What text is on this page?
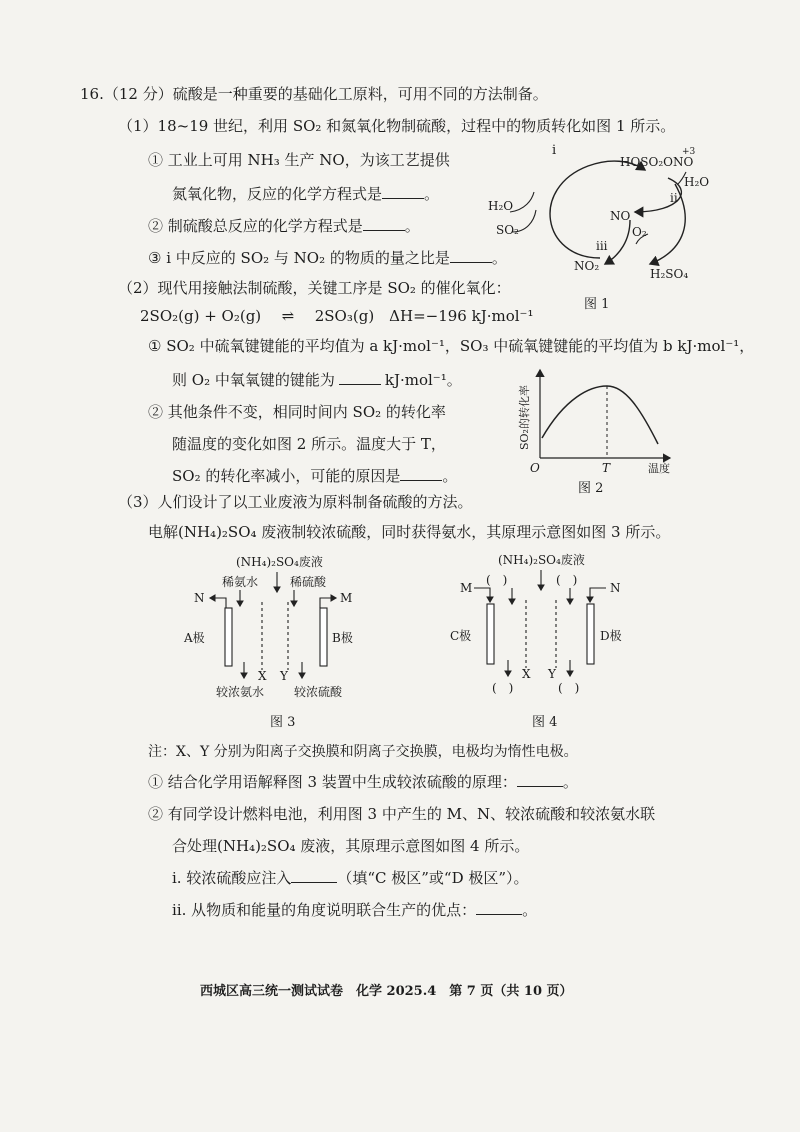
16.（12 分）硫酸是一种重要的基础化工原料，可用不同的方法制备。
（1）18~19 世纪，利用 SO₂ 和氮氧化物制硫酸，过程中的物质转化如图 1 所示。
① 工业上可用 NH₃ 生产 NO，为该工艺提供
氮氧化物，反应的化学方程式是	。
② 制硫酸总反应的化学方程式是	。
③ ⅰ 中反应的 SO₂ 与 NO₂ 的物质的量之比是	。
i
HOSO₂ONO
+3
H₂O
ii
H₂O
SO₂
NO
O₂
iii
NO₂
H₂SO₄
图 1
（2）现代用接触法制硫酸，关键工序是 SO₂ 的催化氧化：
2SO₂(g) + O₂(g) ⇌ 2SO₃(g)　ΔH=−196 kJ·mol⁻¹
① SO₂ 中硫氧键键能的平均值为 a kJ·mol⁻¹，SO₃ 中硫氧键键能的平均值为 b kJ·mol⁻¹，
则 O₂ 中氧氧键的键能为	kJ·mol⁻¹。
② 其他条件不变，相同时间内 SO₂ 的转化率
随温度的变化如图 2 所示。温度大于 T，
SO₂ 的转化率减小，可能的原因是	。
SO₂的转化率
O	T	温度
图 2
（3）人们设计了以工业废液为原料制备硫酸的方法。
电解(NH₄)₂SO₄ 废液制较浓硫酸，同时获得氨水，其原理示意图如图 3 所示。
(NH₄)₂SO₄废液
稀氨水	稀硫酸
N	M
A极	B极
X Y
较浓氨水 较浓硫酸
图 3
(NH₄)₂SO₄废液
(　)	(　)
M	N
C极	D极
X Y
(　)	(　)
图 4
注：X、Y 分别为阳离子交换膜和阴离子交换膜，电极均为惰性电极。
① 结合化学用语解释图 3 装置中生成较浓硫酸的原理：	。
② 有同学设计燃料电池，利用图 3 中产生的 M、N、较浓硫酸和较浓氨水联
合处理(NH₄)₂SO₄ 废液，其原理示意图如图 4 所示。
ⅰ. 较浓硫酸应注入	（填“C 极区”或“D 极区”）。
ⅱ. 从物质和能量的角度说明联合生产的优点：	。
西城区高三统一测试试卷　化学 2025.4　第 7 页（共 10 页）
